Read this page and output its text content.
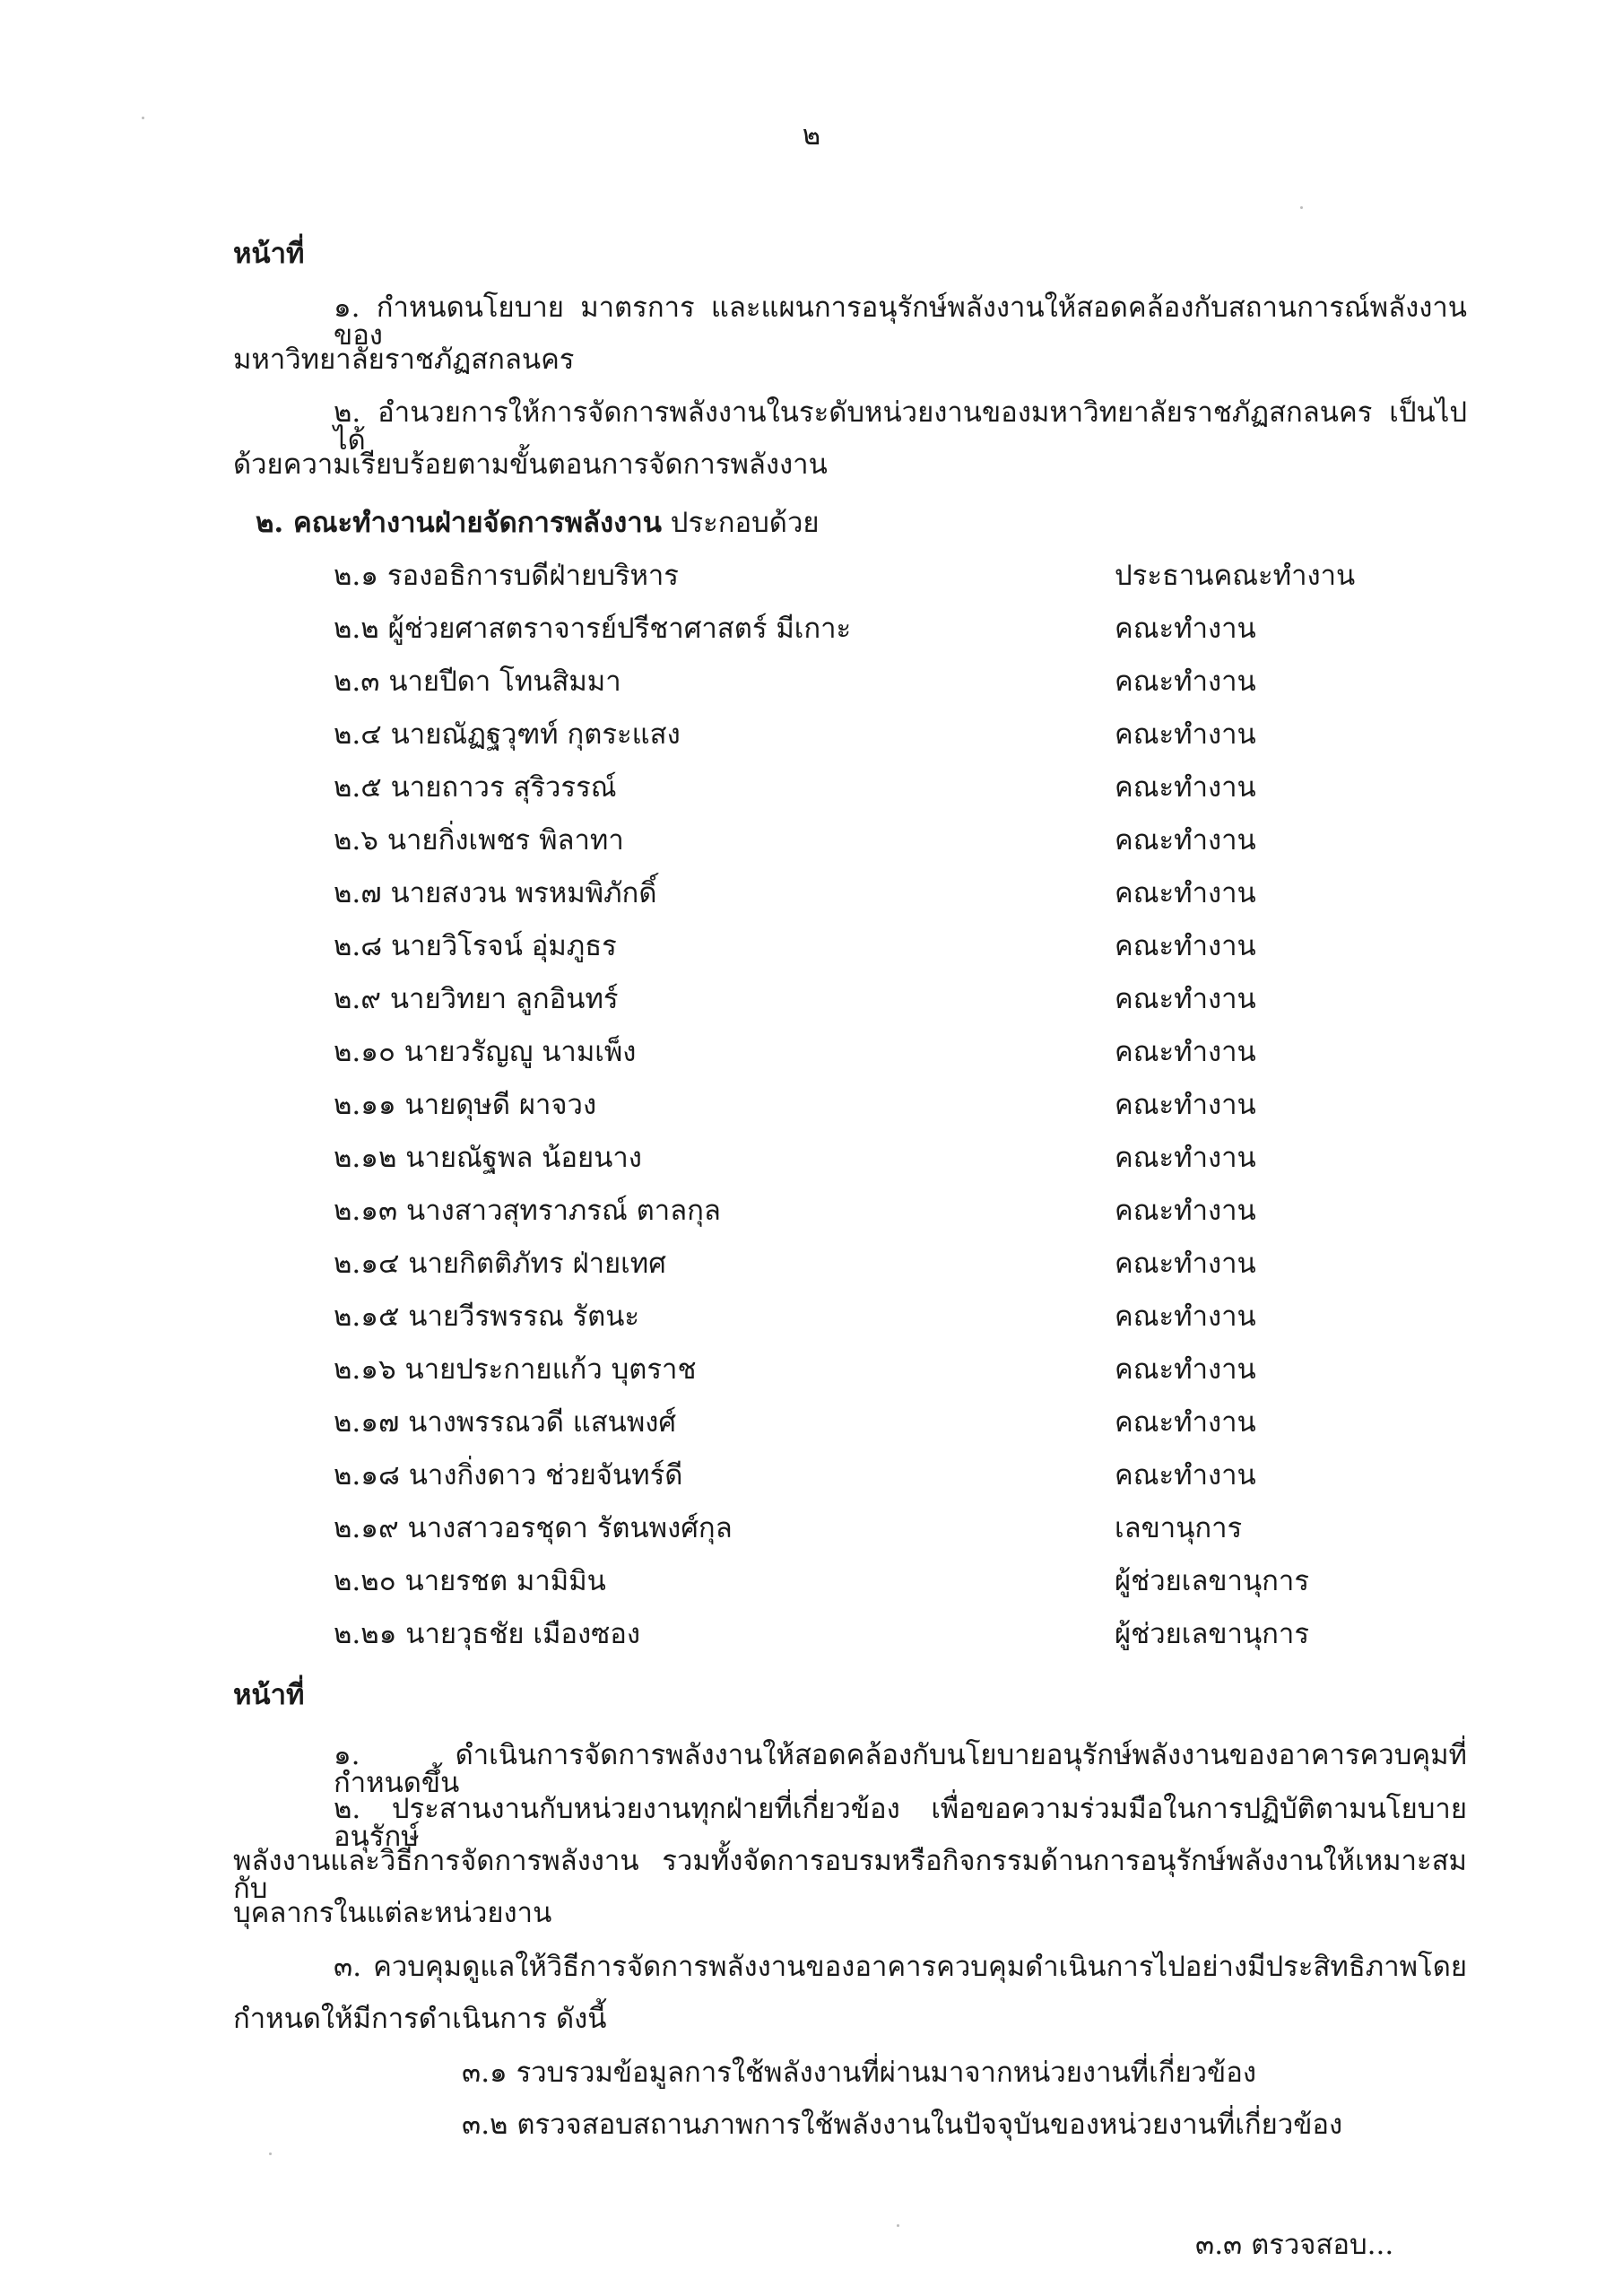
๒
หน้าที่
๑. กำหนดนโยบาย มาตรการ และแผนการอนุรักษ์พลังงานให้สอดคล้องกับสถานการณ์พลังงานของ
มหาวิทยาลัยราชภัฏสกลนคร
๒. อำนวยการให้การจัดการพลังงานในระดับหน่วยงานของมหาวิทยาลัยราชภัฏสกลนคร เป็นไปได้
ด้วยความเรียบร้อยตามขั้นตอนการจัดการพลังงาน
๒. คณะทำงานฝ่ายจัดการพลังงาน ประกอบด้วย
๒.๑ รองอธิการบดีฝ่ายบริหาร	ประธานคณะทำงาน
๒.๒ ผู้ช่วยศาสตราจารย์ปรีชาศาสตร์ มีเกาะ	คณะทำงาน
๒.๓ นายปีดา โทนสิมมา	คณะทำงาน
๒.๔ นายณัฏฐวุฑท์ กุตระแสง	คณะทำงาน
๒.๕ นายถาวร สุริวรรณ์	คณะทำงาน
๒.๖ นายกิ่งเพชร พิลาทา	คณะทำงาน
๒.๗ นายสงวน พรหมพิภักดิ์	คณะทำงาน
๒.๘ นายวิโรจน์ อุ่มภูธร	คณะทำงาน
๒.๙ นายวิทยา ลูกอินทร์	คณะทำงาน
๒.๑๐ นายวรัญญู นามเพ็ง	คณะทำงาน
๒.๑๑ นายดุษดี ผาจวง	คณะทำงาน
๒.๑๒ นายณัฐพล น้อยนาง	คณะทำงาน
๒.๑๓ นางสาวสุทราภรณ์ ตาลกุล	คณะทำงาน
๒.๑๔ นายกิตติภัทร ฝ่ายเทศ	คณะทำงาน
๒.๑๕ นายวีรพรรณ รัตนะ	คณะทำงาน
๒.๑๖ นายประกายแก้ว บุตราช	คณะทำงาน
๒.๑๗ นางพรรณวดี แสนพงศ์	คณะทำงาน
๒.๑๘ นางกิ่งดาว ช่วยจันทร์ดี	คณะทำงาน
๒.๑๙ นางสาวอรชุดา รัตนพงศ์กุล	เลขานุการ
๒.๒๐ นายรชต มามิมิน	ผู้ช่วยเลขานุการ
๒.๒๑ นายวุธชัย เมืองซอง	ผู้ช่วยเลขานุการ
หน้าที่
๑. ดำเนินการจัดการพลังงานให้สอดคล้องกับนโยบายอนุรักษ์พลังงานของอาคารควบคุมที่กำหนดขึ้น
๒. ประสานงานกับหน่วยงานทุกฝ่ายที่เกี่ยวข้อง เพื่อขอความร่วมมือในการปฏิบัติตามนโยบายอนุรักษ์
พลังงานและวิธีการจัดการพลังงาน รวมทั้งจัดการอบรมหรือกิจกรรมด้านการอนุรักษ์พลังงานให้เหมาะสมกับ
บุคลากรในแต่ละหน่วยงาน
๓. ควบคุมดูแลให้วิธีการจัดการพลังงานของอาคารควบคุมดำเนินการไปอย่างมีประสิทธิภาพโดย
กำหนดให้มีการดำเนินการ ดังนี้
๓.๑ รวบรวมข้อมูลการใช้พลังงานที่ผ่านมาจากหน่วยงานที่เกี่ยวข้อง
๓.๒ ตรวจสอบสถานภาพการใช้พลังงานในปัจจุบันของหน่วยงานที่เกี่ยวข้อง
๓.๓ ตรวจสอบ...
